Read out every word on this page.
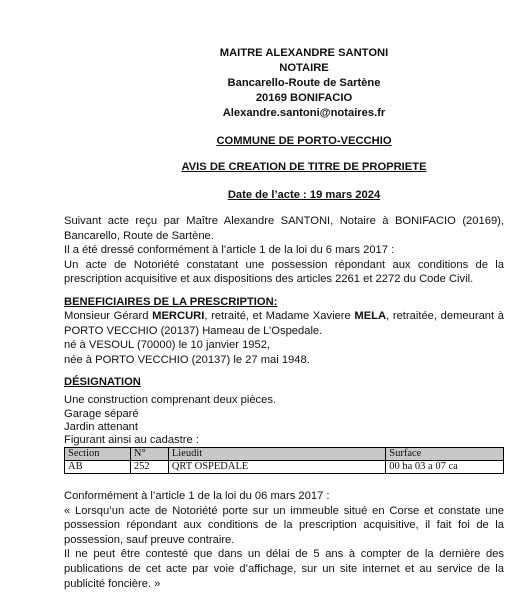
MAITRE ALEXANDRE SANTONI
NOTAIRE
Bancarello-Route de Sartène
20169 BONIFACIO
Alexandre.santoni@notaires.fr
COMMUNE DE PORTO-VECCHIO
AVIS DE CREATION DE TITRE DE PROPRIETE
Date de l’acte : 19 mars 2024

Suivant acte reçu par Maître Alexandre SANTONI, Notaire à BONIFACIO (20169), Bancarello, Route de Sartène.

Il a été dressé conformément à l’article 1 de la loi du 6 mars 2017 :

Un acte de Notoriété constatant une possession répondant aux conditions de la prescription acquisitive et aux dispositions des articles 2261 et 2272 du Code Civil.

BENEFICIAIRES DE LA PRESCRIPTION:

Monsieur Gérard MERCURI, retraité, et Madame Xaviere MELA, retraitée, demeurant à PORTO VECCHIO (20137) Hameau de L’Ospedale.

né à VESOUL (70000) le 10 janvier 1952,

née à PORTO VECCHIO (20137) le 27 mai 1948.

DÉSIGNATION

Une construction comprenant deux pièces.

Garage séparé

Jardin attenant

Figurant ainsi au cadastre :

Section	N°	Lieudit	Surface
AB	252	QRT OSPEDALE	00 ha 03 a 07 ca

Conformément à l’article 1 de la loi du 06 mars 2017 :

« Lorsqu’un acte de Notoriété porte sur un immeuble situé en Corse et constate une possession répondant aux conditions de la prescription acquisitive, il fait foi de la possession, sauf preuve contraire.

Il ne peut être contesté que dans un délai de 5 ans à compter de la dernière des publications de cet acte par voie d’affichage, sur un site internet et au service de la publicité foncière. »
